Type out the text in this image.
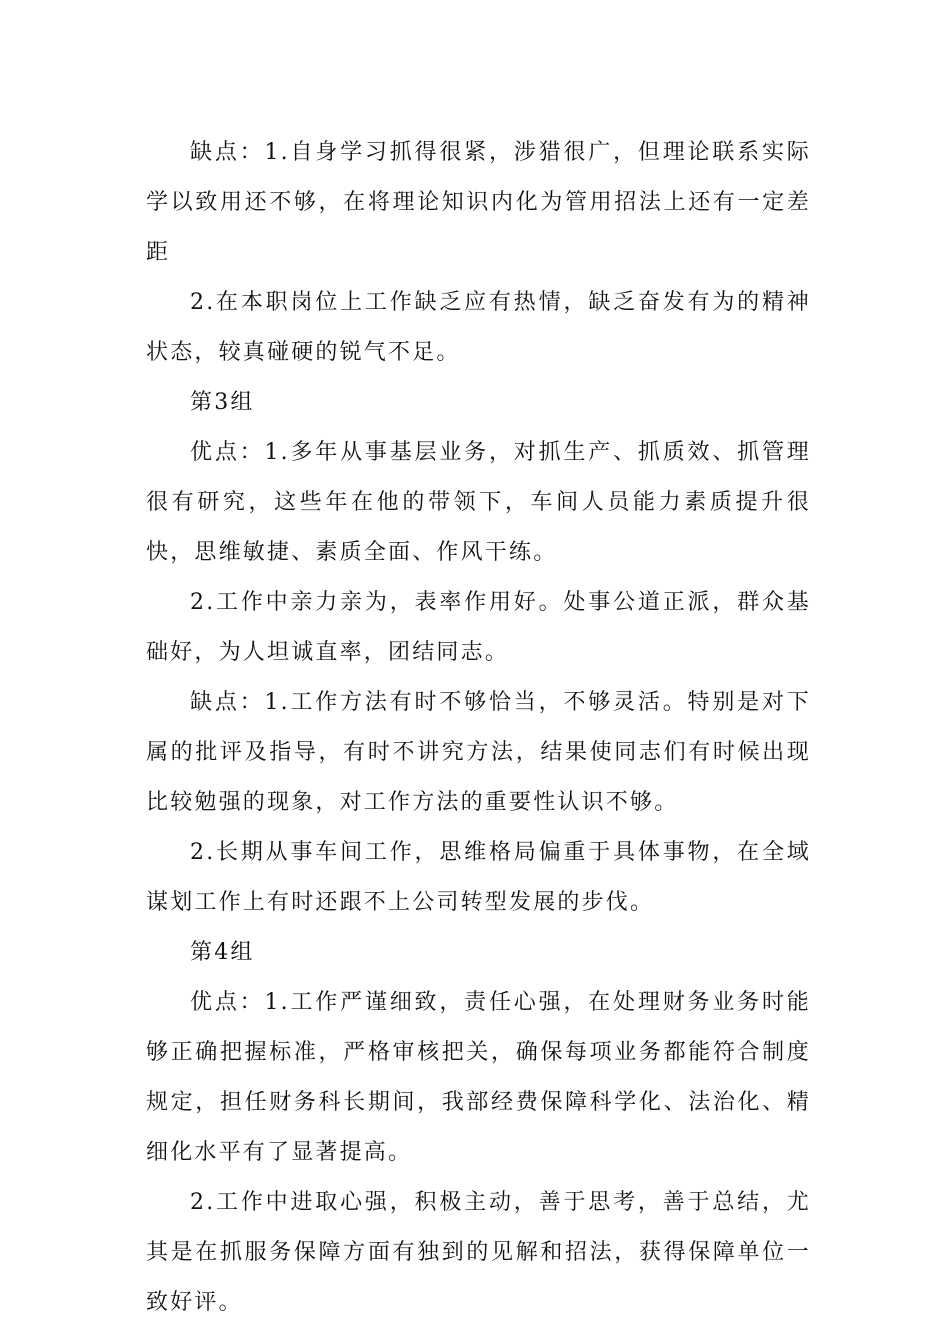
缺点：1.自身学习抓得很紧，涉猎很广，但理论联系实际学以致用还不够，在将理论知识内化为管用招法上还有一定差距

2.在本职岗位上工作缺乏应有热情，缺乏奋发有为的精神状态，较真碰硬的锐气不足。

第3组

优点：1.多年从事基层业务，对抓生产、抓质效、抓管理很有研究，这些年在他的带领下，车间人员能力素质提升很快，思维敏捷、素质全面、作风干练。

2.工作中亲力亲为，表率作用好。处事公道正派，群众基础好，为人坦诚直率，团结同志。

缺点：1.工作方法有时不够恰当，不够灵活。特别是对下属的批评及指导，有时不讲究方法，结果使同志们有时候出现比较勉强的现象，对工作方法的重要性认识不够。

2.长期从事车间工作，思维格局偏重于具体事物，在全域谋划工作上有时还跟不上公司转型发展的步伐。

第4组

优点：1.工作严谨细致，责任心强，在处理财务业务时能够正确把握标准，严格审核把关，确保每项业务都能符合制度规定，担任财务科长期间，我部经费保障科学化、法治化、精细化水平有了显著提高。

2.工作中进取心强，积极主动，善于思考，善于总结，尤其是在抓服务保障方面有独到的见解和招法，获得保障单位一致好评。
